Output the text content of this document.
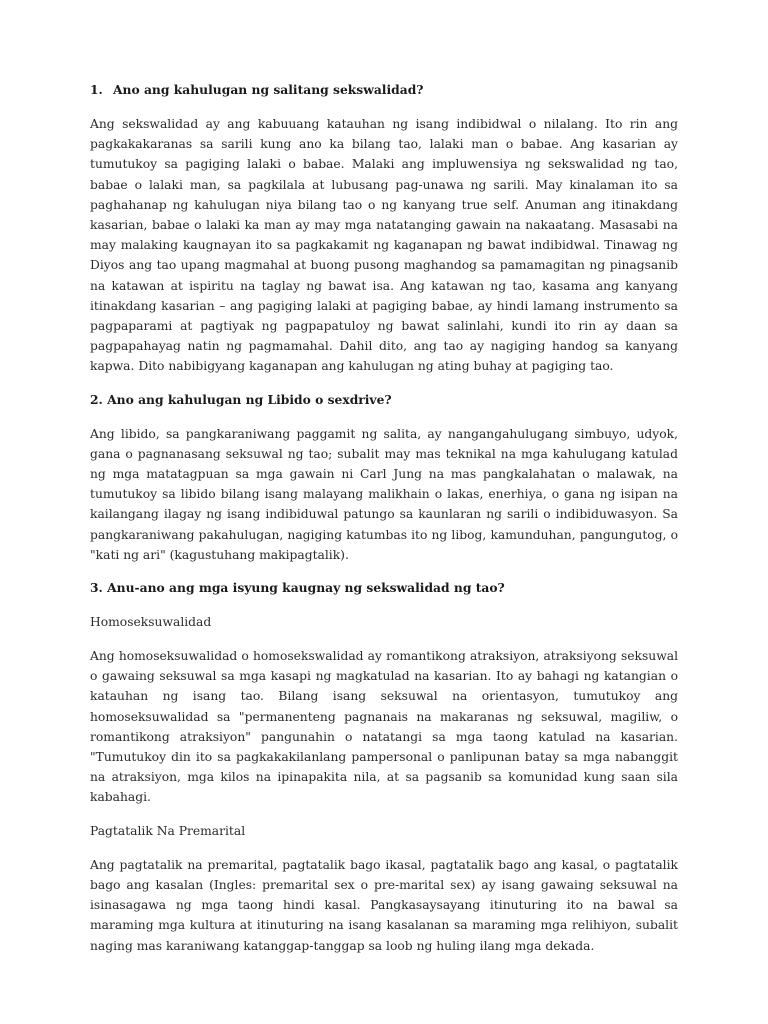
1. Ano ang kahulugan ng salitang sekswalidad?

Ang sekswalidad ay ang kabuuang katauhan ng isang indibidwal o nilalang. Ito rin ang pagkakakaranas sa sarili kung ano ka bilang tao, lalaki man o babae. Ang kasarian ay tumutukoy sa pagiging lalaki o babae. Malaki ang impluwensiya ng sekswalidad ng tao, babae o lalaki man, sa pagkilala at lubusang pag-unawa ng sarili. May kinalaman ito sa paghahanap ng kahulugan niya bilang tao o ng kanyang true self. Anuman ang itinakdang kasarian, babae o lalaki ka man ay may mga natatanging gawain na nakaatang. Masasabi na may malaking kaugnayan ito sa pagkakamit ng kaganapan ng bawat indibidwal. Tinawag ng Diyos ang tao upang magmahal at buong pusong maghandog sa pamamagitan ng pinagsanib na katawan at ispiritu na taglay ng bawat isa. Ang katawan ng tao, kasama ang kanyang itinakdang kasarian – ang pagiging lalaki at pagiging babae, ay hindi lamang instrumento sa pagpaparami at pagtiyak ng pagpapatuloy ng bawat salinlahi, kundi ito rin ay daan sa pagpapahayag natin ng pagmamahal. Dahil dito, ang tao ay nagiging handog sa kanyang kapwa. Dito nabibigyang kaganapan ang kahulugan ng ating buhay at pagiging tao.

2. Ano ang kahulugan ng Libido o sexdrive?

Ang libido, sa pangkaraniwang paggamit ng salita, ay nangangahulugang simbuyo, udyok, gana o pagnanasang seksuwal ng tao; subalit may mas teknikal na mga kahulugang katulad ng mga matatagpuan sa mga gawain ni Carl Jung na mas pangkalahatan o malawak, na tumutukoy sa libido bilang isang malayang malikhain o lakas, enerhiya, o gana ng isipan na kailangang ilagay ng isang indibiduwal patungo sa kaunlaran ng sarili o indibiduwasyon. Sa pangkaraniwang pakahulugan, nagiging katumbas ito ng libog, kamunduhan, pangungutog, o "kati ng ari" (kagustuhang makipagtalik).

3. Anu-ano ang mga isyung kaugnay ng sekswalidad ng tao?
Homoseksuwalidad

Ang homoseksuwalidad o homosekswalidad ay romantikong atraksiyon, atraksiyong seksuwal o gawaing seksuwal sa mga kasapi ng magkatulad na kasarian. Ito ay bahagi ng katangian o katauhan ng isang tao. Bilang isang seksuwal na orientasyon, tumutukoy ang homoseksuwalidad sa "permanenteng pagnanais na makaranas ng seksuwal, magiliw, o romantikong atraksiyon" pangunahin o natatangi sa mga taong katulad na kasarian. "Tumutukoy din ito sa pagkakakilanlang pampersonal o panlipunan batay sa mga nabanggit na atraksiyon, mga kilos na ipinapakita nila, at sa pagsanib sa komunidad kung saan sila kabahagi.

Pagtatalik Na Premarital

Ang pagtatalik na premarital, pagtatalik bago ikasal, pagtatalik bago ang kasal, o pagtatalik bago ang kasalan (Ingles: premarital sex o pre-marital sex) ay isang gawaing seksuwal na isinasagawa ng mga taong hindi kasal. Pangkasaysayang itinuturing ito na bawal sa maraming mga kultura at itinuturing na isang kasalanan sa maraming mga relihiyon, subalit naging mas karaniwang katanggap-tanggap sa loob ng huling ilang mga dekada.
